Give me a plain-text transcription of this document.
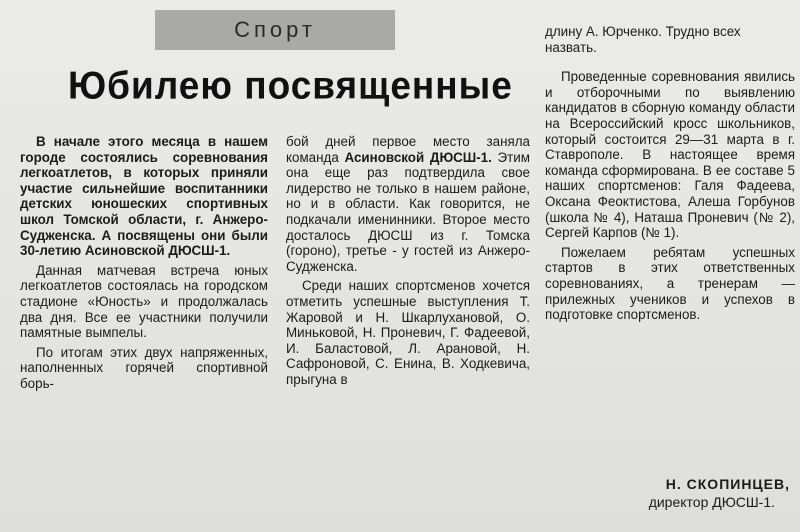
Спорт
Юбилею посвященные

В начале этого месяца в нашем городе состоялись соревнования легкоатлетов, в которых приняли участие сильнейшие воспитанники детских юношеских спортивных школ Томской области, г. Анжеро-Судженска. А посвящены они были 30-летию Асиновской ДЮСШ-1.

Данная матчевая встреча юных легкоатлетов состоялась на городском стадионе «Юность» и продолжалась два дня. Все ее участники получили памятные вымпелы.

По итогам этих двух напряженных, наполненных горячей спортивной борь-

бой дней первое место заняла команда Асиновской ДЮСШ-1. Этим она еще раз подтвердила свое лидерство не только в нашем районе, но и в области. Как говорится, не подкачали именинники. Второе место досталось ДЮСШ из г. Томска (гороно), третье - у гостей из Анжеро-Судженска.

Среди наших спортсменов хочется отметить успешные выступления Т. Жаровой и Н. Шкарлухановой, О. Миньковой, Н. Проневич, Г. Фадеевой, И. Баластовой, Л. Арановой, Н. Сафроновой, С. Енина, В. Ходкевича, прыгуна в

длину А. Юрченко. Трудно всех назвать.

Проведенные соревнования явились и отборочными по выявлению кандидатов в сборную команду области на Всероссийский кросс школьников, который состоится 29—31 марта в г. Ставрополе. В настоящее время команда сформирована. В ее составе 5 наших спортсменов: Галя Фадеева, Оксана Феоктистова, Алеша Горбунов (школа № 4), Наташа Проневич (№ 2), Сергей Карпов (№ 1).

Пожелаем ребятам успешных стартов в этих ответственных соревнованиях, а тренерам — прилежных учеников и успехов в подготовке спортсменов.

Н. СКОПИНЦЕВ,
директор ДЮСШ-1.
